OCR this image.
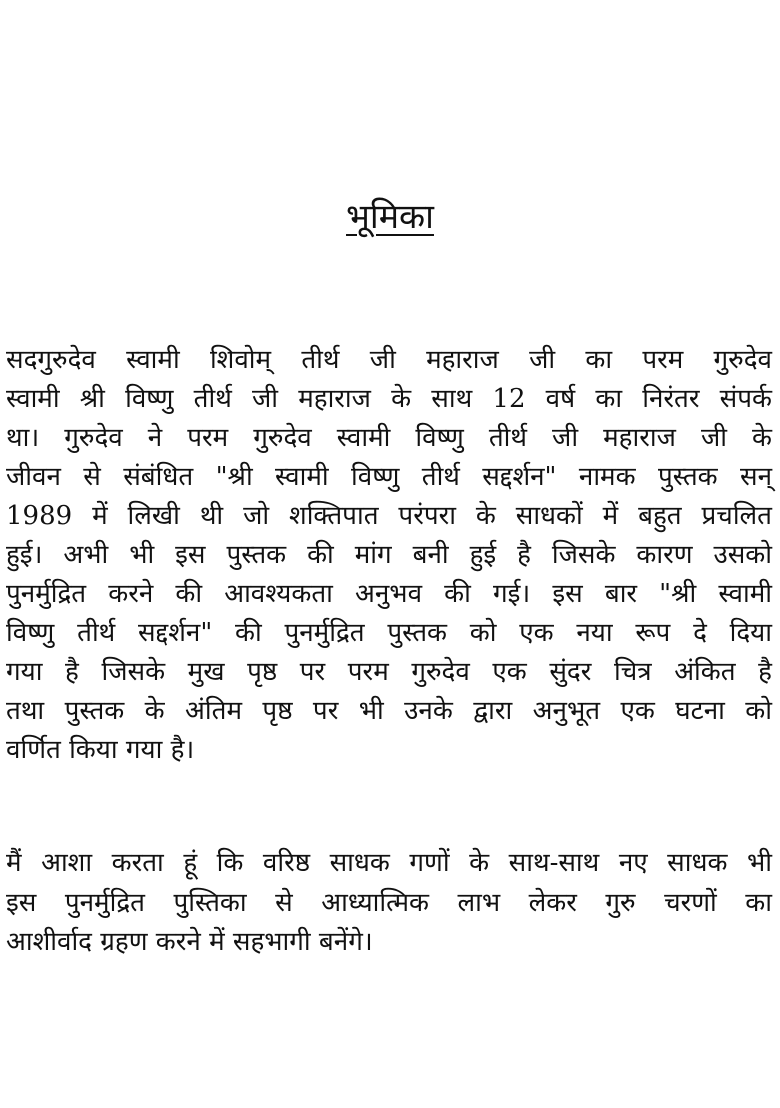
भूमिका
सदगुरुदेव स्वामी शिवोम् तीर्थ जी महाराज जी का परम गुरुदेव
स्वामी श्री विष्णु तीर्थ जी महाराज के साथ 12 वर्ष का निरंतर संपर्क
था। गुरुदेव ने परम गुरुदेव स्वामी विष्णु तीर्थ जी महाराज जी के
जीवन से संबंधित "श्री स्वामी विष्णु तीर्थ सद्दर्शन" नामक पुस्तक सन्
1989 में लिखी थी जो शक्तिपात परंपरा के साधकों में बहुत प्रचलित
हुई। अभी भी इस पुस्तक की मांग बनी हुई है जिसके कारण उसको
पुनर्मुद्रित करने की आवश्यकता अनुभव की गई। इस बार "श्री स्वामी
विष्णु तीर्थ सद्दर्शन" की पुनर्मुद्रित पुस्तक को एक नया रूप दे दिया
गया है जिसके मुख पृष्ठ पर परम गुरुदेव एक सुंदर चित्र अंकित है
तथा पुस्तक के अंतिम पृष्ठ पर भी उनके द्वारा अनुभूत एक घटना को
वर्णित किया गया है।
मैं आशा करता हूं कि वरिष्ठ साधक गणों के साथ-साथ नए साधक भी
इस पुनर्मुद्रित पुस्तिका से आध्यात्मिक लाभ लेकर गुरु चरणों का
आशीर्वाद ग्रहण करने में सहभागी बनेंगे।
